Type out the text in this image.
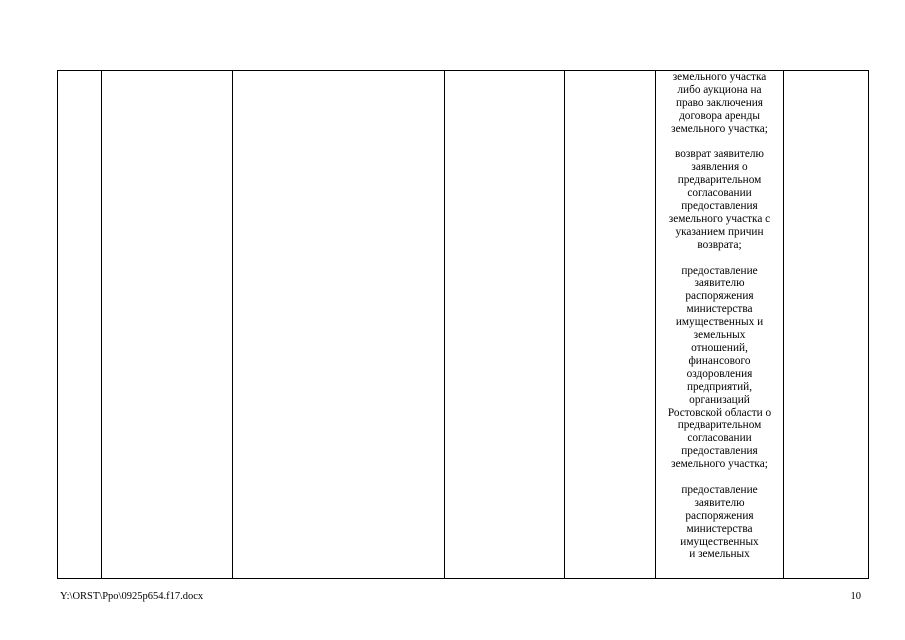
земельного участка
либо аукциона на
право заключения
договора аренды
земельного участка;

возврат заявителю
заявления о
предварительном
согласовании
предоставления
земельного участка с
указанием причин
возврата;

предоставление
заявителю
распоряжения
министерства
имущественных и
земельных
отношений,
финансового
оздоровления
предприятий,
организаций
Ростовской области о
предварительном
согласовании
предоставления
земельного участка;

предоставление
заявителю
распоряжения
министерства
имущественных
и земельных

Y:\ORST\Ppo\0925p654.f17.docx	10
